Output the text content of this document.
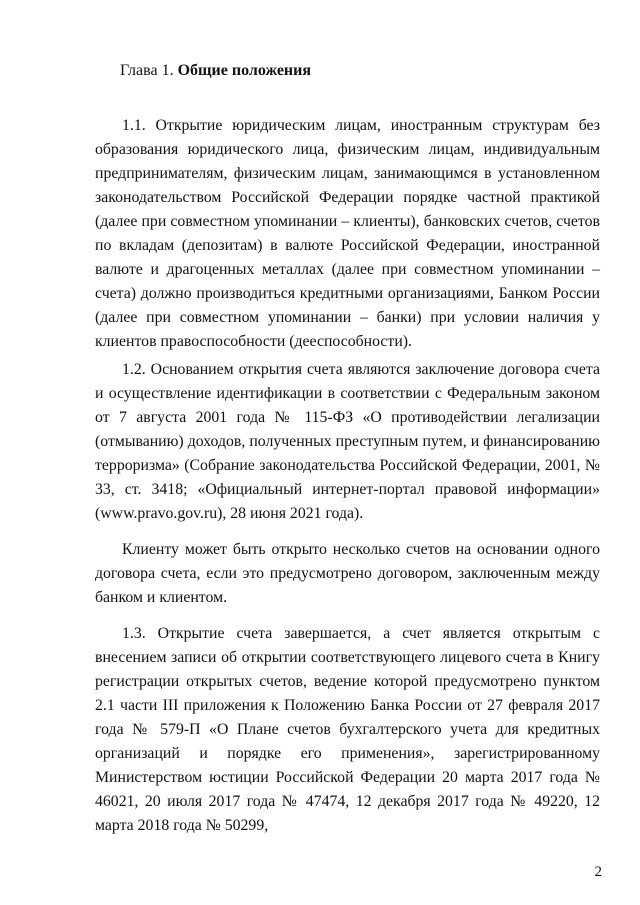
Глава 1. Общие положения

1.1. Открытие юридическим лицам, иностранным структурам без образования юридического лица, физическим лицам, индивидуальным предпринимателям, физическим лицам, занимающимся в установленном законодательством Российской Федерации порядке частной практикой (далее при совместном упоминании – клиенты), банковских счетов, счетов по вкладам (депозитам) в валюте Российской Федерации, иностранной валюте и драгоценных металлах (далее при совместном упоминании – счета) должно производиться кредитными организациями, Банком России (далее при совместном упоминании – банки) при условии наличия у клиентов правоспособности (дееспособности).

1.2. Основанием открытия счета являются заключение договора счета и осуществление идентификации в соответствии с Федеральным законом от 7 августа 2001 года № 115-ФЗ «О противодействии легализации (отмыванию) доходов, полученных преступным путем, и финансированию терроризма» (Собрание законодательства Российской Федерации, 2001, № 33, ст. 3418; «Официальный интернет-портал правовой информации» (www.pravo.gov.ru), 28 июня 2021 года).

Клиенту может быть открыто несколько счетов на основании одного договора счета, если это предусмотрено договором, заключенным между банком и клиентом.

1.3. Открытие счета завершается, а счет является открытым с внесением записи об открытии соответствующего лицевого счета в Книгу регистрации открытых счетов, ведение которой предусмотрено пунктом 2.1 части III приложения к Положению Банка России от 27 февраля 2017 года № 579-П «О Плане счетов бухгалтерского учета для кредитных организаций и порядке его применения», зарегистрированному Министерством юстиции Российской Федерации 20 марта 2017 года № 46021, 20 июля 2017 года № 47474, 12 декабря 2017 года № 49220, 12 марта 2018 года № 50299,

2
